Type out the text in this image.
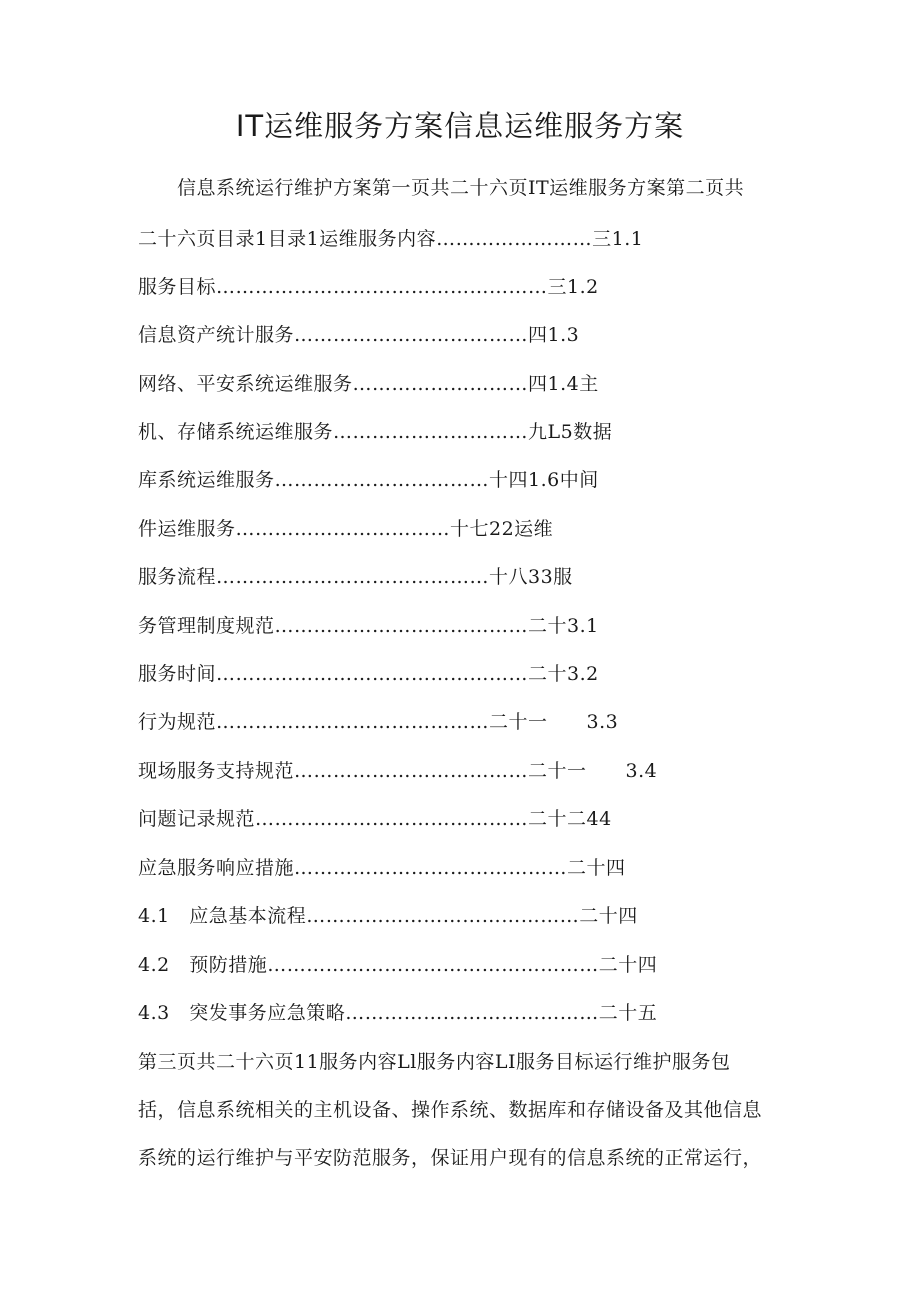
IT运维服务方案信息运维服务方案
　　信息系统运行维护方案第一页共二十六页IT运维服务方案第二页共
二十六页目录1目录1运维服务内容……………………三1.1
服务目标……………………………………………三1.2
信息资产统计服务………………………………四1.3
网络、平安系统运维服务………………………四1.4主
机、存储系统运维服务…………………………九L5数据
库系统运维服务……………………………十四1.6中间
件运维服务……………………………十七22运维
服务流程……………………………………十八33服
务管理制度规范…………………………………二十3.1
服务时间…………………………………………二十3.2
行为规范……………………………………二十一　　3.3
现场服务支持规范………………………………二十一　　3.4
问题记录规范……………………………………二十二44
应急服务响应措施……………………………………二十四
4.1　应急基本流程……………………………………二十四
4.2　预防措施……………………………………………二十四
4.3　突发事务应急策略…………………………………二十五
第三页共二十六页11服务内容Ll服务内容LI服务目标运行维护服务包
括，信息系统相关的主机设备、操作系统、数据库和存储设备及其他信息
系统的运行维护与平安防范服务，保证用户现有的信息系统的正常运行，
